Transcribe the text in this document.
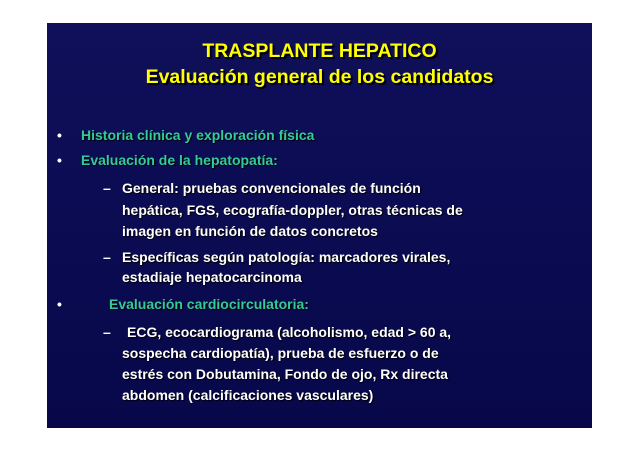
TRASPLANTE HEPATICO
Evaluación general de los candidatos
• Historia clínica y exploración física
• Evaluación de la hepatopatía:
– General: pruebas convencionales de función
hepática, FGS, ecografía-doppler, otras técnicas de
imagen en función de datos concretos
– Específicas según patología: marcadores virales,
estadiaje hepatocarcinoma
•	Evaluación cardiocirculatoria:
– ECG, ecocardiograma (alcoholismo, edad > 60 a,
sospecha cardiopatía), prueba de esfuerzo o de
estrés con Dobutamina, Fondo de ojo, Rx directa
abdomen (calcificaciones vasculares)
